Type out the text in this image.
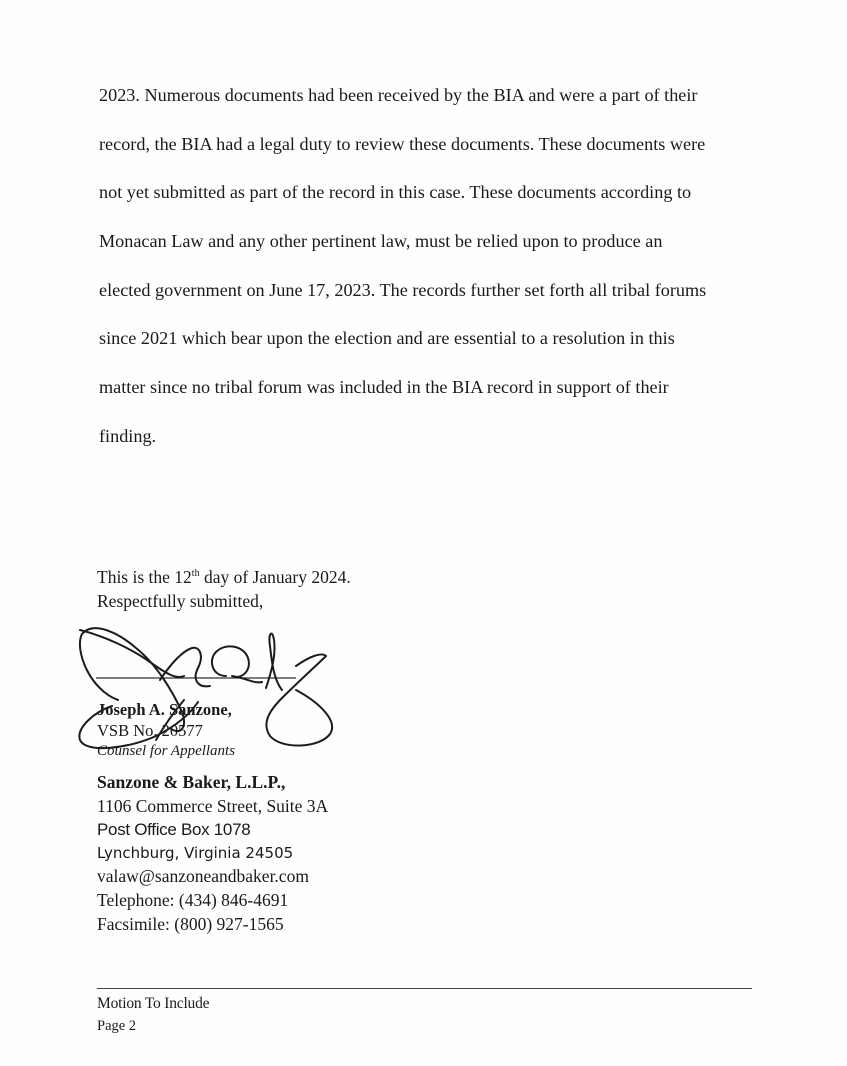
2023. Numerous documents had been received by the BIA and were a part of their
record, the BIA had a legal duty to review these documents. These documents were
not yet submitted as part of the record in this case. These documents according to
Monacan Law and any other pertinent law, must be relied upon to produce an
elected government on June 17, 2023. The records further set forth all tribal forums
since 2021 which bear upon the election and are essential to a resolution in this
matter since no tribal forum was included in the BIA record in support of their
finding.
This is the 12th day of January 2024.
Respectfully submitted,
Joseph A. Sanzone,
VSB No. 20577
Counsel for Appellants
Sanzone & Baker, L.L.P.,
1106 Commerce Street, Suite 3A
Post Office Box 1078
Lynchburg, Virginia 24505
valaw@sanzoneandbaker.com
Telephone: (434) 846-4691
Facsimile: (800) 927-1565
Motion To Include
Page 2
